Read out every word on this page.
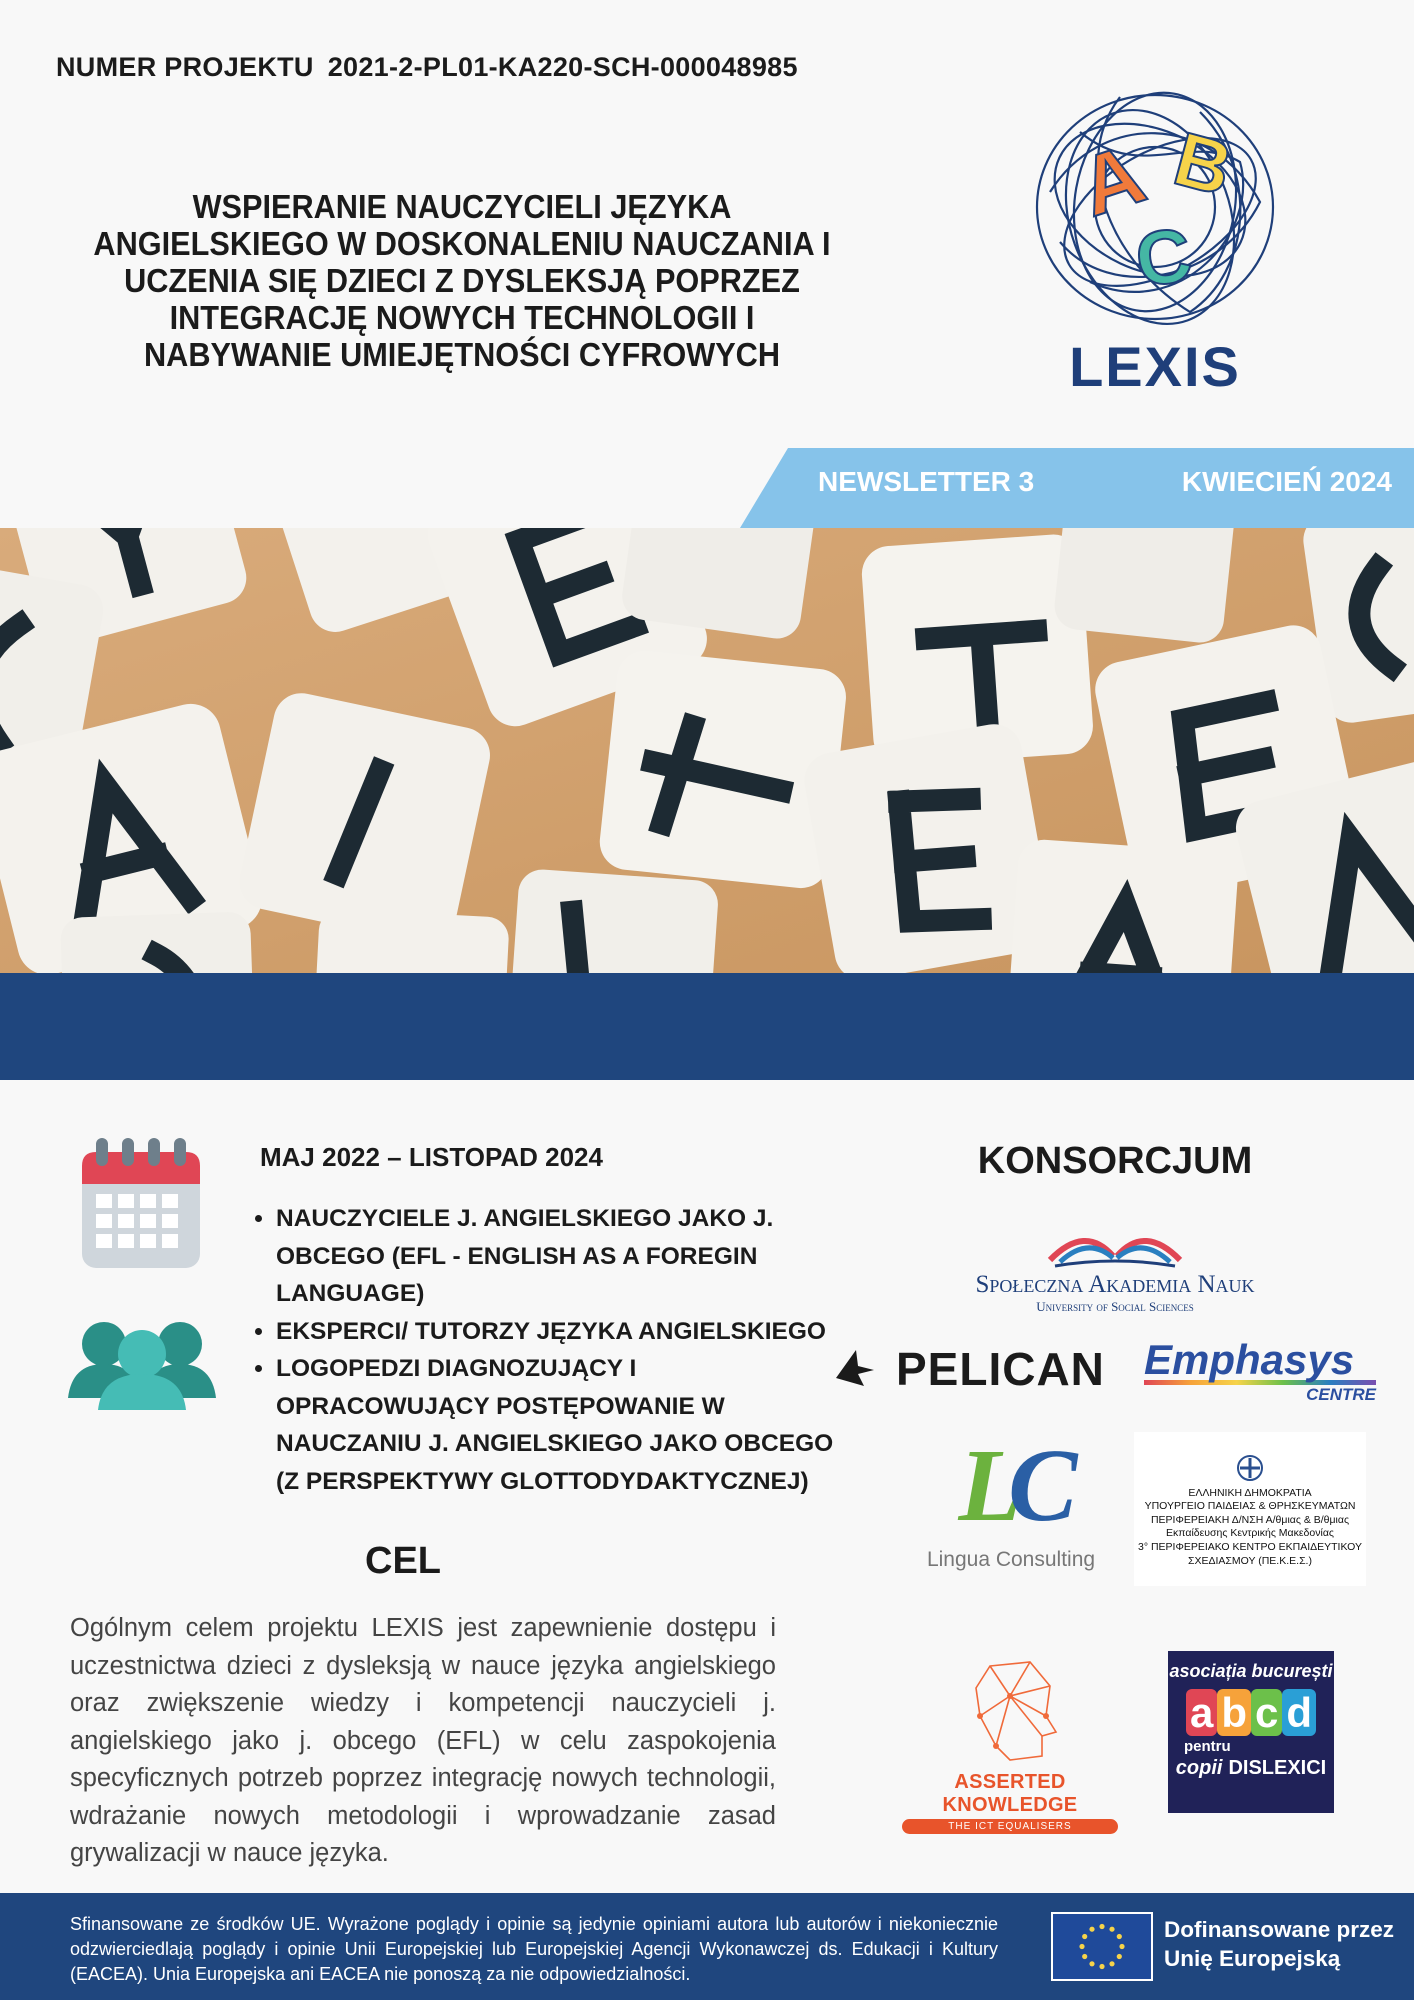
NUMER PROJEKTU 2021-2-PL01-KA220-SCH-000048985
WSPIERANIE NAUCZYCIELI JĘZYKA
ANGIELSKIEGO W DOSKONALENIU NAUCZANIA I
UCZENIA SIĘ DZIECI Z DYSLEKSJĄ POPRZEZ
INTEGRACJĘ NOWYCH TECHNOLOGII I
NABYWANIE UMIEJĘTNOŚCI CYFROWYCH
A B
C
LEXIS
NEWSLETTER 3	KWIECIEŃ 2024
MAJ 2022 – LISTOPAD 2024
• NAUCZYCIELE J. ANGIELSKIEGO JAKO J. OBCEGO (EFL - ENGLISH AS A FOREGIN LANGUAGE)
• EKSPERCI/ TUTORZY JĘZYKA ANGIELSKIEGO
• LOGOPEDZI DIAGNOZUJĄCY I OPRACOWUJĄCY POSTĘPOWANIE W NAUCZANIU J. ANGIELSKIEGO JAKO OBCEGO (Z PERSPEKTYWY GLOTTODYDAKTYCZNEJ)
CEL
Ogólnym celem projektu LEXIS jest zapewnienie dostępu i uczestnictwa dzieci z dysleksją w nauce języka angielskiego oraz zwiększenie wiedzy i kompetencji nauczycieli j. angielskiego jako j. obcego (EFL) w celu zaspokojenia specyficznych potrzeb poprzez integrację nowych technologii, wdrażanie nowych metodologii i wprowadzanie zasad grywalizacji w nauce języka.
KONSORCJUM
Społeczna Akademia Nauk
University of Social Sciences
PELICAN Emphasys
CENTRE
LC
Lingua Consulting
ΕΛΛΗΝΙΚΗ ΔΗΜΟΚΡΑΤΙΑ
ΥΠΟΥΡΓΕΙΟ ΠΑΙΔΕΙΑΣ & ΘΡΗΣΚΕΥΜΑΤΩΝ
ΠΕΡΙΦΕΡΕΙΑΚΗ Δ/ΝΣΗ Α/θμιας & Β/θμιας
Εκπαίδευσης Κεντρικής Μακεδονίας
3° ΠΕΡΙΦΕΡΕΙΑΚΟ ΚΕΝΤΡΟ ΕΚΠΑΙΔΕΥΤΙΚΟΥ
ΣΧΕΔΙΑΣΜΟΥ (ΠΕ.Κ.Ε.Σ.)
ASSERTED KNOWLEDGE
THE ICT EQUALISERS
asociația bucurești
a b c d
pentru
copii DISLEXICI
Sfinansowane ze środków UE. Wyrażone poglądy i opinie są jedynie opiniami autora lub autorów i niekoniecznie odzwierciedlają poglądy i opinie Unii Europejskiej lub Europejskiej Agencji Wykonawczej ds. Edukacji i Kultury (EACEA). Unia Europejska ani EACEA nie ponoszą za nie odpowiedzialności.
Dofinansowane przez
Unię Europejską
